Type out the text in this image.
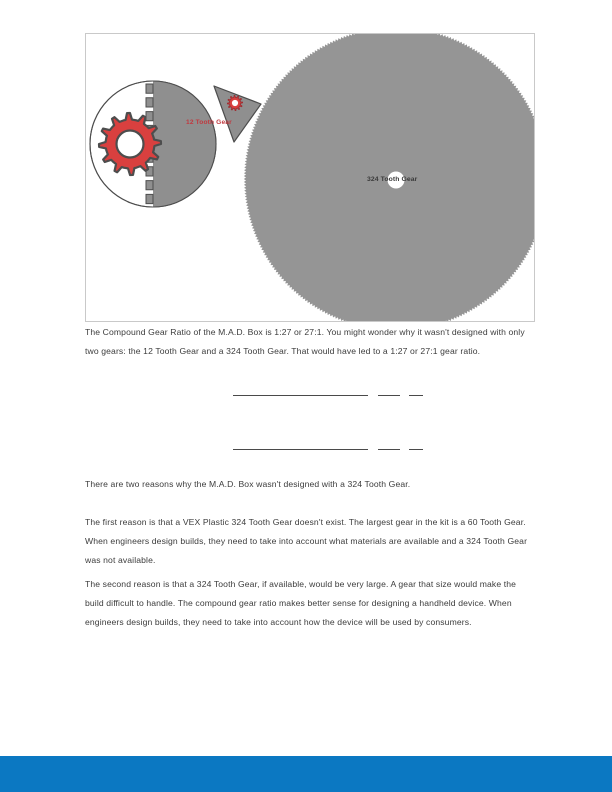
12 Tooth Gear
324 Tooth Gear
The Compound Gear Ratio of the M.A.D. Box is 1:27 or 27:1. You might wonder why it wasn't designed with only two gears: the 12 Tooth Gear and a 324 Tooth Gear. That would have led to a 1:27 or 27:1 gear ratio.
There are two reasons why the M.A.D. Box wasn't designed with a 324 Tooth Gear.
The first reason is that a VEX Plastic 324 Tooth Gear doesn't exist. The largest gear in the kit is a 60 Tooth Gear. When engineers design builds, they need to take into account what materials are available and a 324 Tooth Gear was not available.
The second reason is that a 324 Tooth Gear, if available, would be very large. A gear that size would make the build difficult to handle. The compound gear ratio makes better sense for designing a handheld device. When engineers design builds, they need to take into account how the device will be used by consumers.
